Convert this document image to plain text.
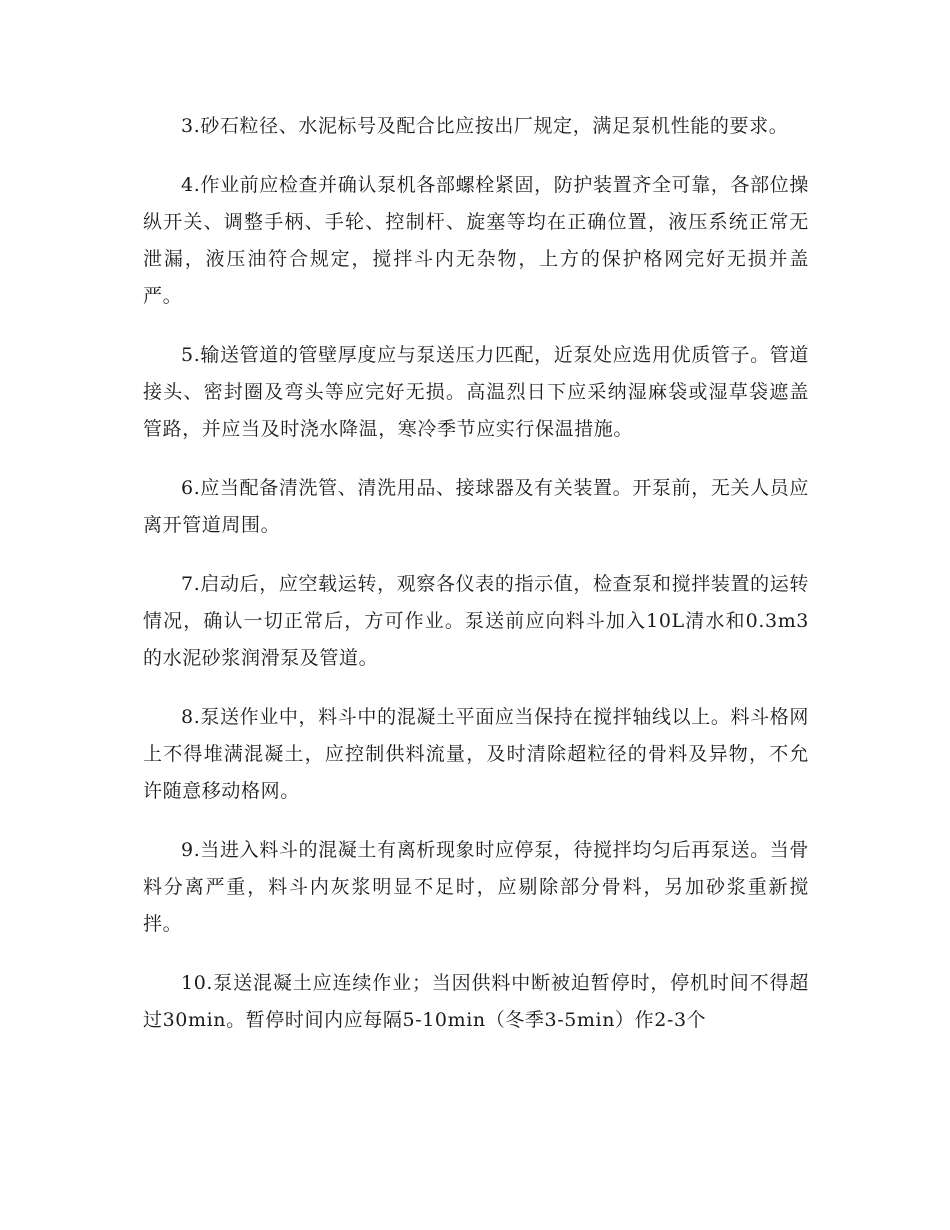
3.砂石粒径、水泥标号及配合比应按出厂规定，满足泵机性能的要求。

4.作业前应检查并确认泵机各部螺栓紧固，防护装置齐全可靠，各部位操纵开关、调整手柄、手轮、控制杆、旋塞等均在正确位置，液压系统正常无泄漏，液压油符合规定，搅拌斗内无杂物，上方的保护格网完好无损并盖严。

5.输送管道的管壁厚度应与泵送压力匹配，近泵处应选用优质管子。管道接头、密封圈及弯头等应完好无损。高温烈日下应采纳湿麻袋或湿草袋遮盖管路，并应当及时浇水降温，寒冷季节应实行保温措施。

6.应当配备清洗管、清洗用品、接球器及有关装置。开泵前，无关人员应离开管道周围。

7.启动后，应空载运转，观察各仪表的指示值，检查泵和搅拌装置的运转情况，确认一切正常后，方可作业。泵送前应向料斗加入10L清水和0.3m3的水泥砂浆润滑泵及管道。

8.泵送作业中，料斗中的混凝土平面应当保持在搅拌轴线以上。料斗格网上不得堆满混凝土，应控制供料流量，及时清除超粒径的骨料及异物，不允许随意移动格网。

9.当进入料斗的混凝土有离析现象时应停泵，待搅拌均匀后再泵送。当骨料分离严重，料斗内灰浆明显不足时，应剔除部分骨料，另加砂浆重新搅拌。

10.泵送混凝土应连续作业；当因供料中断被迫暂停时，停机时间不得超过30min。暂停时间内应每隔5-10min（冬季3-5min）作2-3个
